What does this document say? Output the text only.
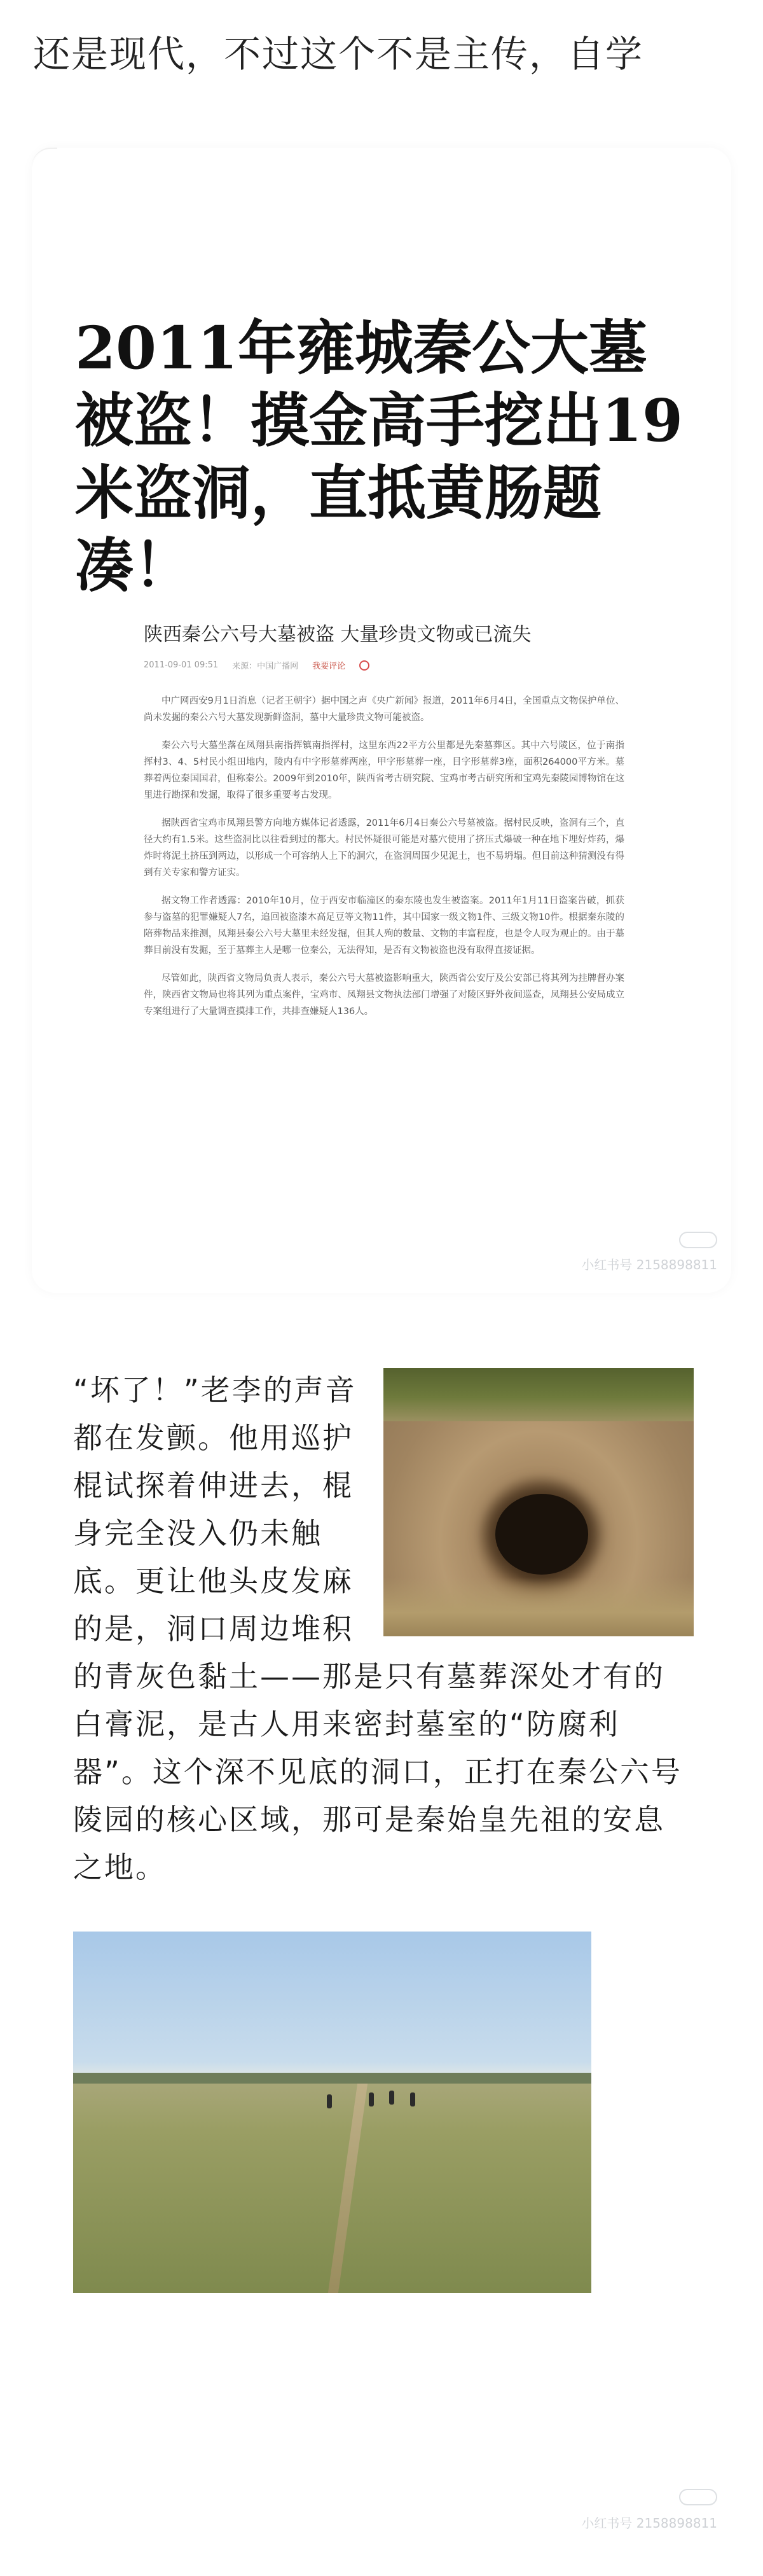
还是现代，不过这个不是主传，自学
2011年雍城秦公大墓被盗！摸金高手挖出19米盗洞，直抵黄肠题凑！
陕西秦公六号大墓被盗 大量珍贵文物或已流失
2011-09-01 09:51 来源：中国广播网 我要评论

中广网西安9月1日消息（记者王朝宇）据中国之声《央广新闻》报道，2011年6月4日，全国重点文物保护单位、尚未发掘的秦公六号大墓发现新鲜盗洞，墓中大量珍贵文物可能被盗。

秦公六号大墓坐落在凤翔县南指挥镇南指挥村，这里东西22平方公里都是先秦墓葬区。其中六号陵区，位于南指挥村3、4、5村民小组田地内，陵内有中字形墓葬两座，甲字形墓葬一座，目字形墓葬3座，面积264000平方米。墓葬着两位秦国国君，但称秦公。2009年到2010年，陕西省考古研究院、宝鸡市考古研究所和宝鸡先秦陵园博物馆在这里进行勘探和发掘，取得了很多重要考古发现。

据陕西省宝鸡市凤翔县警方向地方媒体记者透露，2011年6月4日秦公六号墓被盗。据村民反映，盗洞有三个，直径大约有1.5米。这些盗洞比以往看到过的都大。村民怀疑很可能是对墓穴使用了挤压式爆破一种在地下埋好炸药，爆炸时将泥土挤压到两边，以形成一个可容纳人上下的洞穴，在盗洞周围少见泥土，也不易坍塌。但目前这种猜测没有得到有关专家和警方证实。

据文物工作者透露：2010年10月，位于西安市临潼区的秦东陵也发生被盗案。2011年1月11日盗案告破，抓获参与盗墓的犯罪嫌疑人7名，追回被盗漆木高足豆等文物11件，其中国家一级文物1件、三级文物10件。根据秦东陵的陪葬物品来推测，凤翔县秦公六号大墓里未经发掘，但其人殉的数量、文物的丰富程度，也是令人叹为观止的。由于墓葬目前没有发掘，至于墓葬主人是哪一位秦公，无法得知，是否有文物被盗也没有取得直接证据。

尽管如此，陕西省文物局负责人表示，秦公六号大墓被盗影响重大，陕西省公安厅及公安部已将其列为挂牌督办案件，陕西省文物局也将其列为重点案件，宝鸡市、凤翔县文物执法部门增强了对陵区野外夜间巡查，凤翔县公安局成立专案组进行了大量调查摸排工作，共排查嫌疑人136人。

小红书号 2158898811
“坏了！”老李的声音都在发颤。他用巡护棍试探着伸进去，棍身完全没入仍未触底。更让他头皮发麻的是，洞口周边堆积的青灰色黏土——那是只有墓葬深处才有的白膏泥，是古人用来密封墓室的“防腐利器”。这个深不见底的洞口，正打在秦公六号陵园的核心区域，那可是秦始皇先祖的安息之地。
小红书号 2158898811
